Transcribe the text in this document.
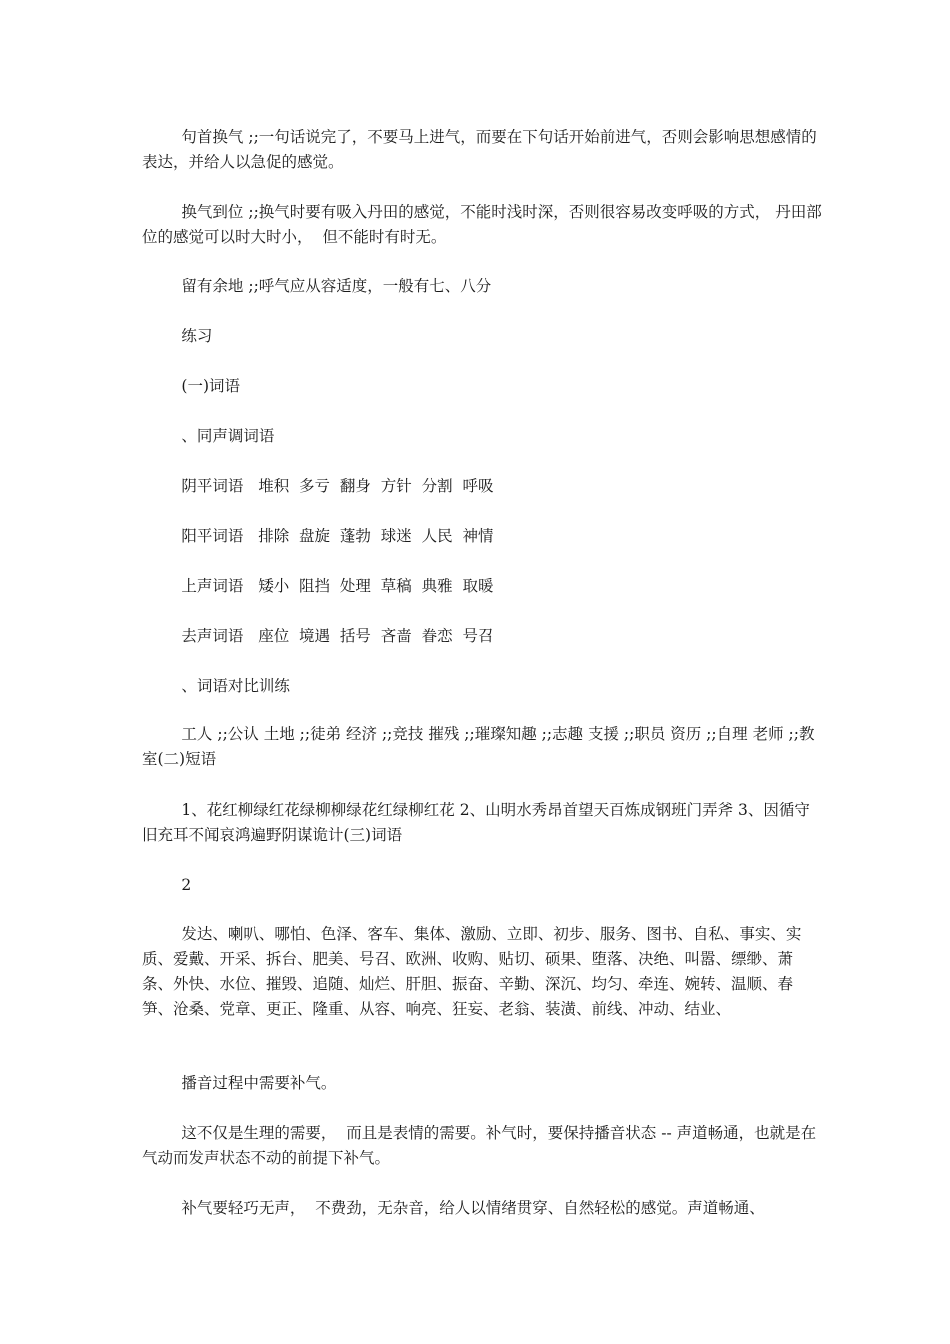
句首换气 ;;一句话说完了，不要马上进气，而要在下句话开始前进气，否则会影响思想感情的表达，并给人以急促的感觉。

换气到位 ;;换气时要有吸入丹田的感觉，不能时浅时深，否则很容易改变呼吸的方式， 丹田部位的感觉可以时大时小，  但不能时有时无。

留有余地 ;;呼气应从容适度，一般有七、八分

练习

(一)词语

、同声调词语

阴平词语   堆积  多亏  翻身  方针  分割  呼吸

阳平词语   排除  盘旋  蓬勃  球迷  人民  神情

上声词语   矮小  阻挡  处理  草稿  典雅  取暖

去声词语   座位  境遇  括号  吝啬  眷恋  号召

、词语对比训练

工人 ;;公认 土地 ;;徒弟 经济 ;;竞技 摧残 ;;璀璨知趣 ;;志趣 支援 ;;职员 资历 ;;自理 老师 ;;教室(二)短语

1、花红柳绿红花绿柳柳绿花红绿柳红花 2、山明水秀昂首望天百炼成钢班门弄斧 3、因循守旧充耳不闻哀鸿遍野阴谋诡计(三)词语

2

发达、喇叭、哪怕、色泽、客车、集体、激励、立即、初步、服务、图书、自私、事实、实质、爱戴、开采、拆台、肥美、号召、欧洲、收购、贴切、硕果、堕落、决绝、叫嚣、缥缈、萧条、外快、水位、摧毁、追随、灿烂、肝胆、振奋、辛勤、深沉、均匀、牵连、婉转、温顺、春笋、沧桑、党章、更正、隆重、从容、响亮、狂妄、老翁、装潢、前线、冲动、结业、

播音过程中需要补气。

这不仅是生理的需要，  而且是表情的需要。补气时，要保持播音状态 -- 声道畅通，也就是在气动而发声状态不动的前提下补气。

补气要轻巧无声，  不费劲，无杂音，给人以情绪贯穿、自然轻松的感觉。声道畅通、
